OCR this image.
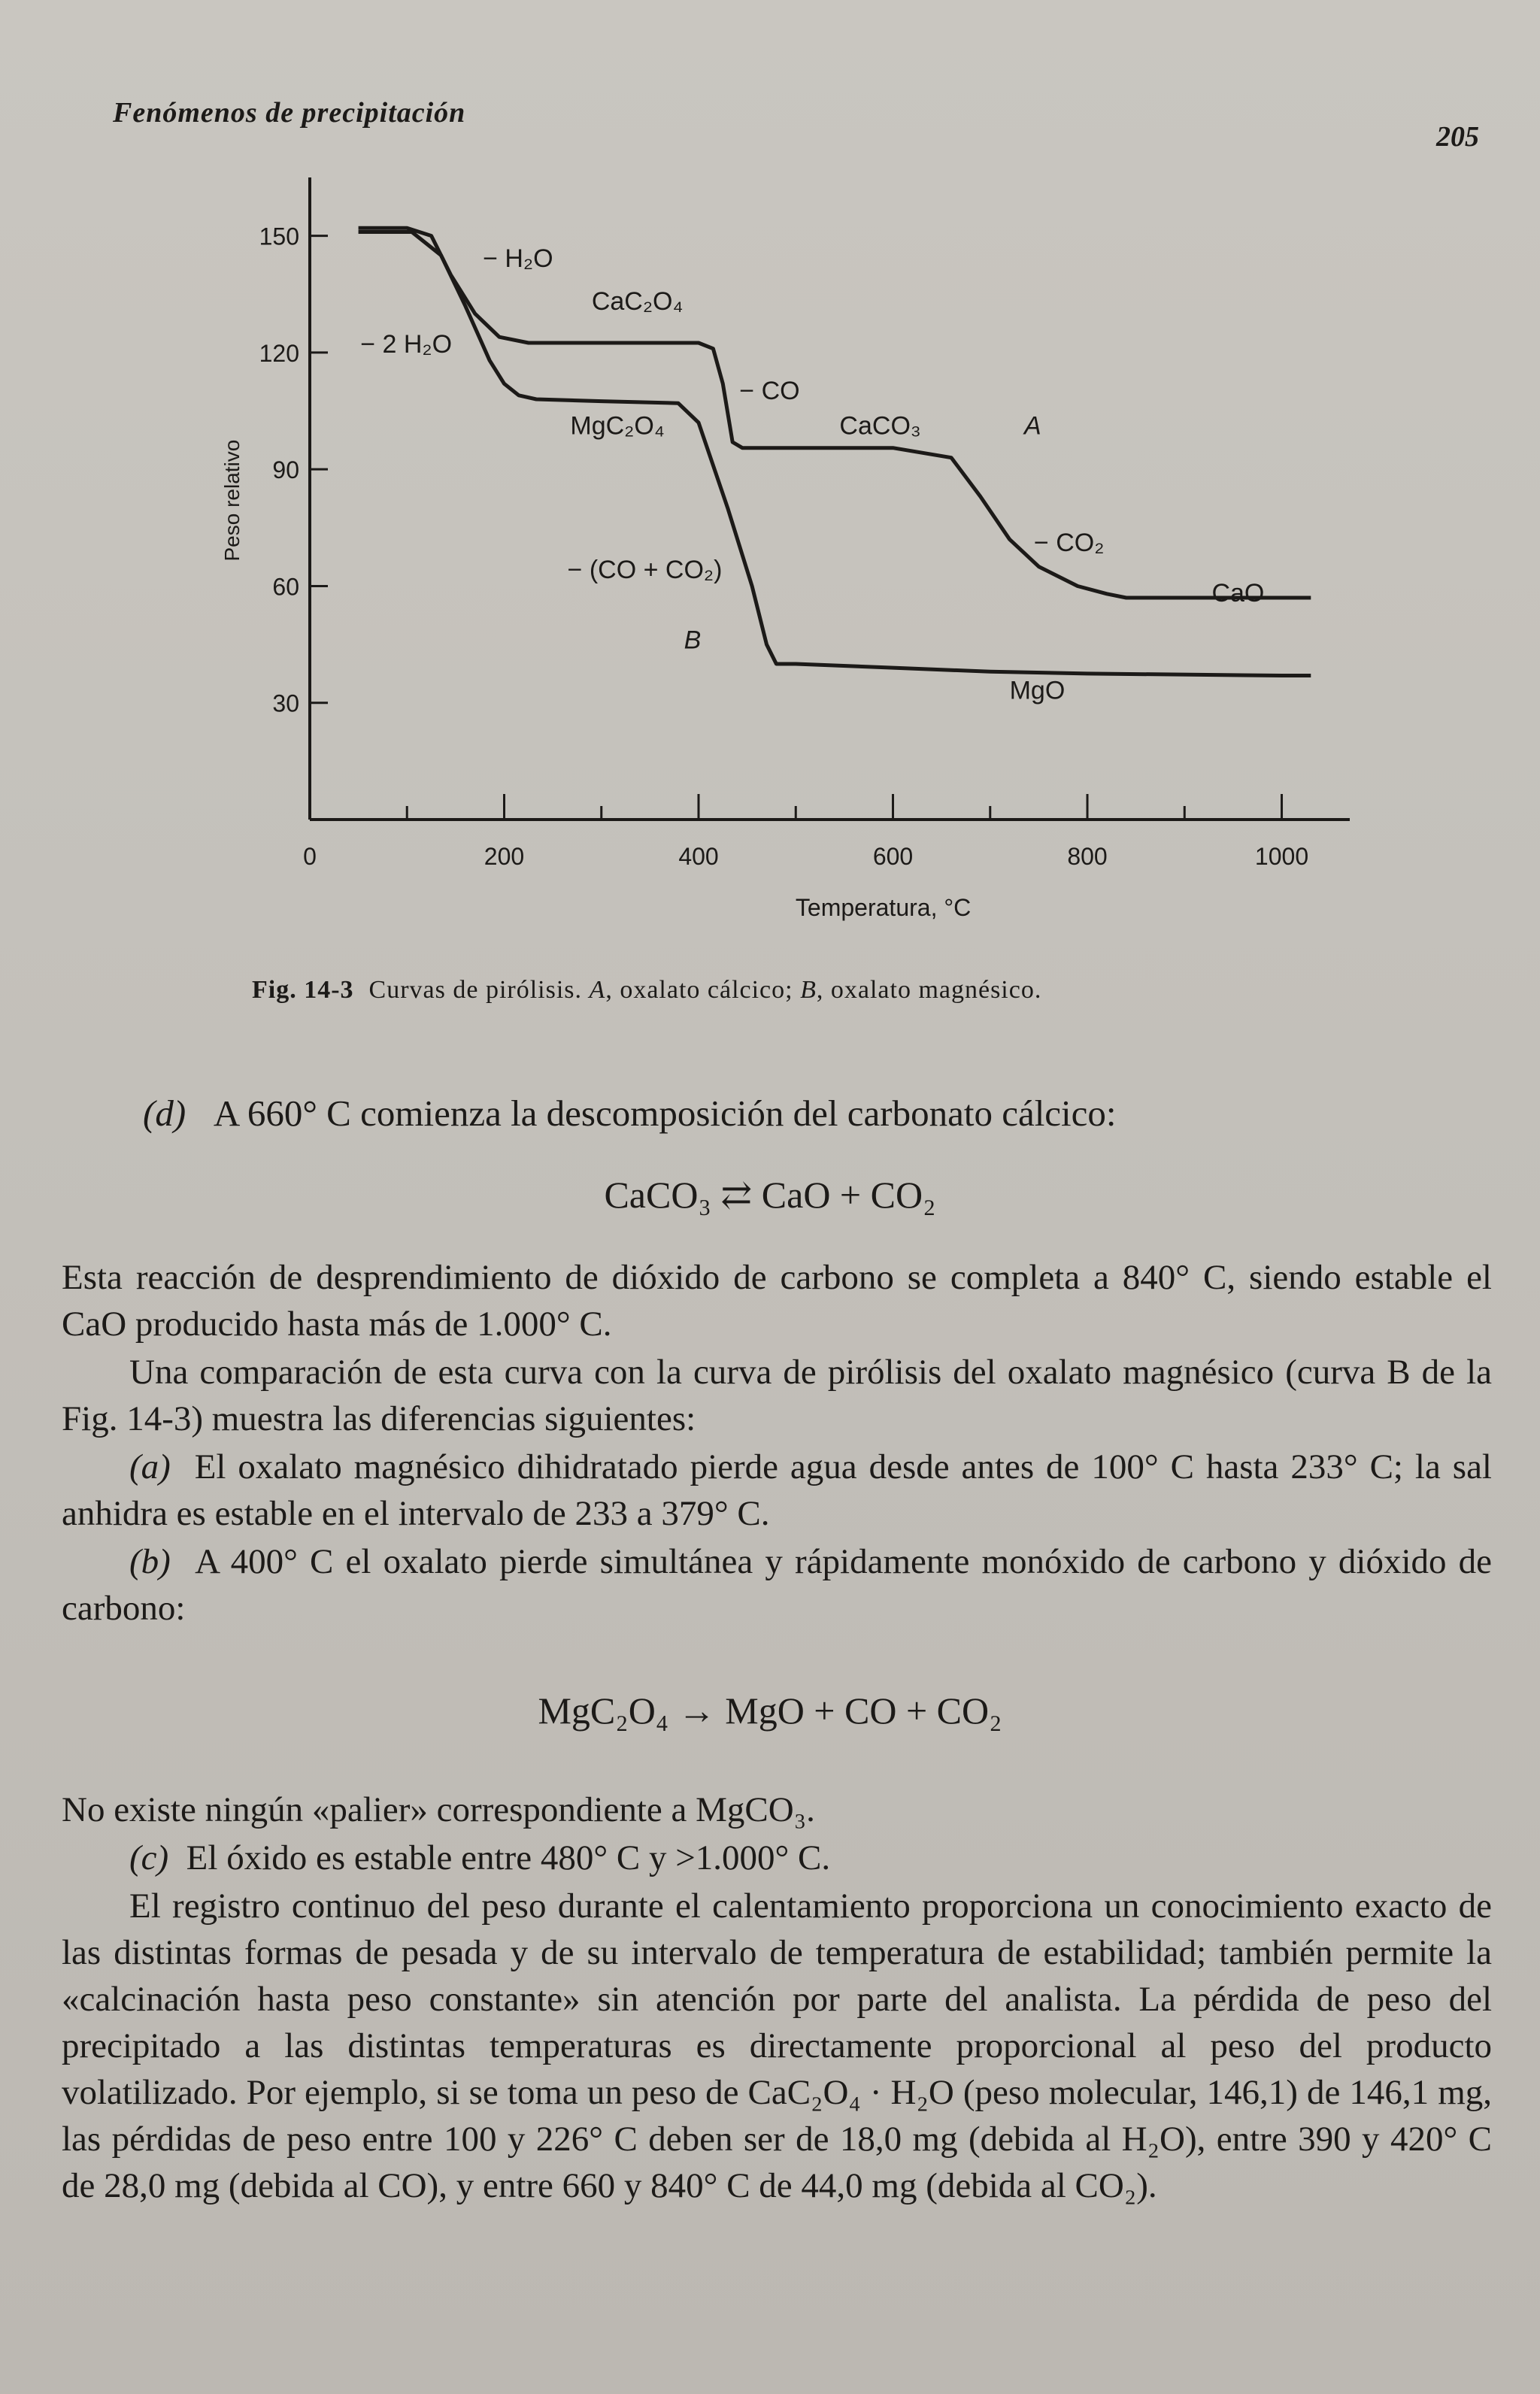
Fenómenos de precipitación
205
Peso relativo
Temperatura, °C
150
120
90
60
30
0	200	400	600	800	1000
− H₂O
CaC₂O₄
− 2 H₂O
− CO
MgC₂O₄	CaCO₃	A
− (CO + CO₂)
− CO₂
CaO
B
MgO
Fig. 14-3 Curvas de pirólisis. A, oxalato cálcico; B, oxalato magnésico.
(d) A 660° C comienza la descomposición del carbonato cálcico:
CaCO₃ ⇄ CaO + CO₂
Esta reacción de desprendimiento de dióxido de carbono se completa a 840° C, siendo estable el CaO producido hasta más de 1.000° C.
Una comparación de esta curva con la curva de pirólisis del oxalato magnésico (curva B de la Fig. 14-3) muestra las diferencias siguientes:
(a) El oxalato magnésico dihidratado pierde agua desde antes de 100° C hasta 233° C; la sal anhidra es estable en el intervalo de 233 a 379° C.
(b) A 400° C el oxalato pierde simultánea y rápidamente monóxido de carbono y dióxido de carbono:
MgC₂O₄ → MgO + CO + CO₂
No existe ningún «palier» correspondiente a MgCO₃.
(c) El óxido es estable entre 480° C y >1.000° C.
El registro continuo del peso durante el calentamiento proporciona un conocimiento exacto de las distintas formas de pesada y de su intervalo de temperatura de estabilidad; también permite la «calcinación hasta peso constante» sin atención por parte del analista. La pérdida de peso del precipitado a las distintas temperaturas es directamente proporcional al peso del producto volatilizado. Por ejemplo, si se toma un peso de CaC₂O₄ · H₂O (peso molecular, 146,1) de 146,1 mg, las pérdidas de peso entre 100 y 226° C deben ser de 18,0 mg (debida al H₂O), entre 390 y 420° C de 28,0 mg (debida al CO), y entre 660 y 840° C de 44,0 mg (debida al CO₂).
